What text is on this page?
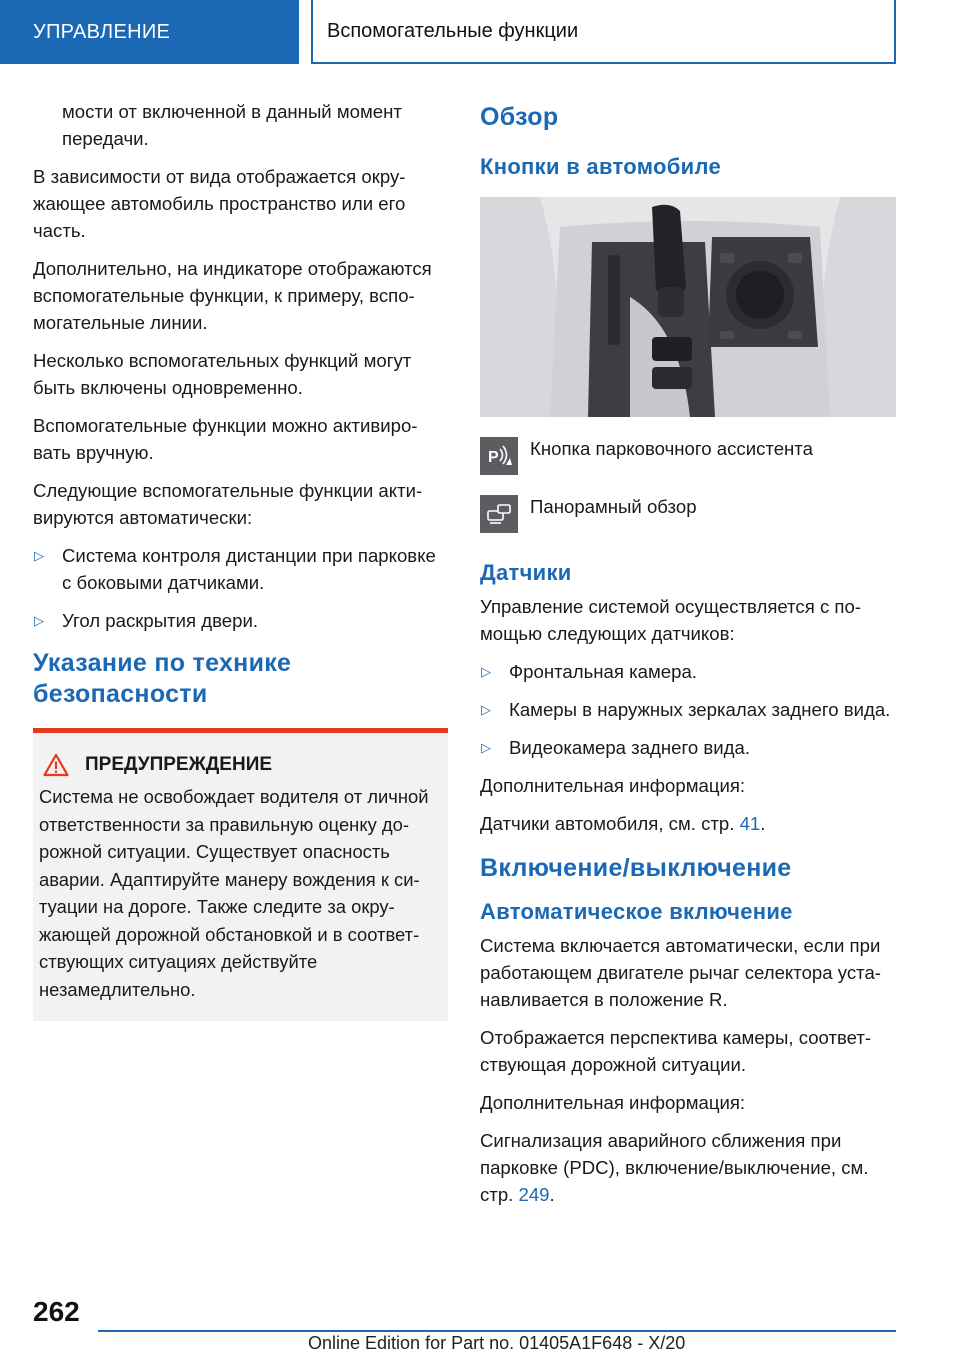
УПРАВЛЕНИЕ	Вспомогательные функции

мости от включенной в данный момент передачи.

В зависимости от вида отображается окру-жающее автомобиль пространство или его часть.

Дополнительно, на индикаторе отображаются вспомогательные функции, к примеру, вспо-могательные линии.

Несколько вспомогательных функций могут быть включены одновременно.

Вспомогательные функции можно активиро-вать вручную.

Следующие вспомогательные функции акти-вируются автоматически:

▷ Система контроля дистанции при парковке с боковыми датчиками.
▷ Угол раскрытия двери.
Указание по технике безопасности
ПРЕДУПРЕЖДЕНИЕ

Система не освобождает водителя от личной ответственности за правильную оценку до-рожной ситуации. Существует опасность аварии. Адаптируйте манеру вождения к си-туации на дороге. Также следите за окру-жающей дорожной обстановкой и в соответ-ствующих ситуациях действуйте незамедлительно.

Обзор
Кнопки в автомобиле
P Кнопка парковочного ассистента
Панорамный обзор
Датчики

Управление системой осуществляется с по-мощью следующих датчиков:

▷ Фронтальная камера.
▷ Камеры в наружных зеркалах заднего вида.
▷ Видеокамера заднего вида.

Дополнительная информация:

Датчики автомобиля, см. стр. 41.

Включение/выключение
Автоматическое включение

Система включается автоматически, если при работающем двигателе рычаг селектора уста-навливается в положение R.

Отображается перспектива камеры, соответ-ствующая дорожной ситуации.

Дополнительная информация:

Сигнализация аварийного сближения при парковке (PDC), включение/выключение, см. стр. 249.

262
Online Edition for Part no. 01405A1F648 - X/20
